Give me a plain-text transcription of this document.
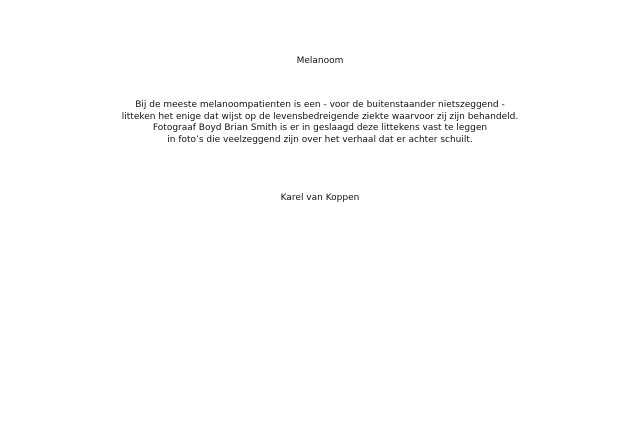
Melanoom
Bij de meeste melanoompatienten is een - voor de buitenstaander nietszeggend -
litteken het enige dat wijst op de levensbedreigende ziekte waarvoor zij zijn behandeld.
Fotograaf Boyd Brian Smith is er in geslaagd deze littekens vast te leggen
in foto’s die veelzeggend zijn over het verhaal dat er achter schuilt.
Karel van Koppen
